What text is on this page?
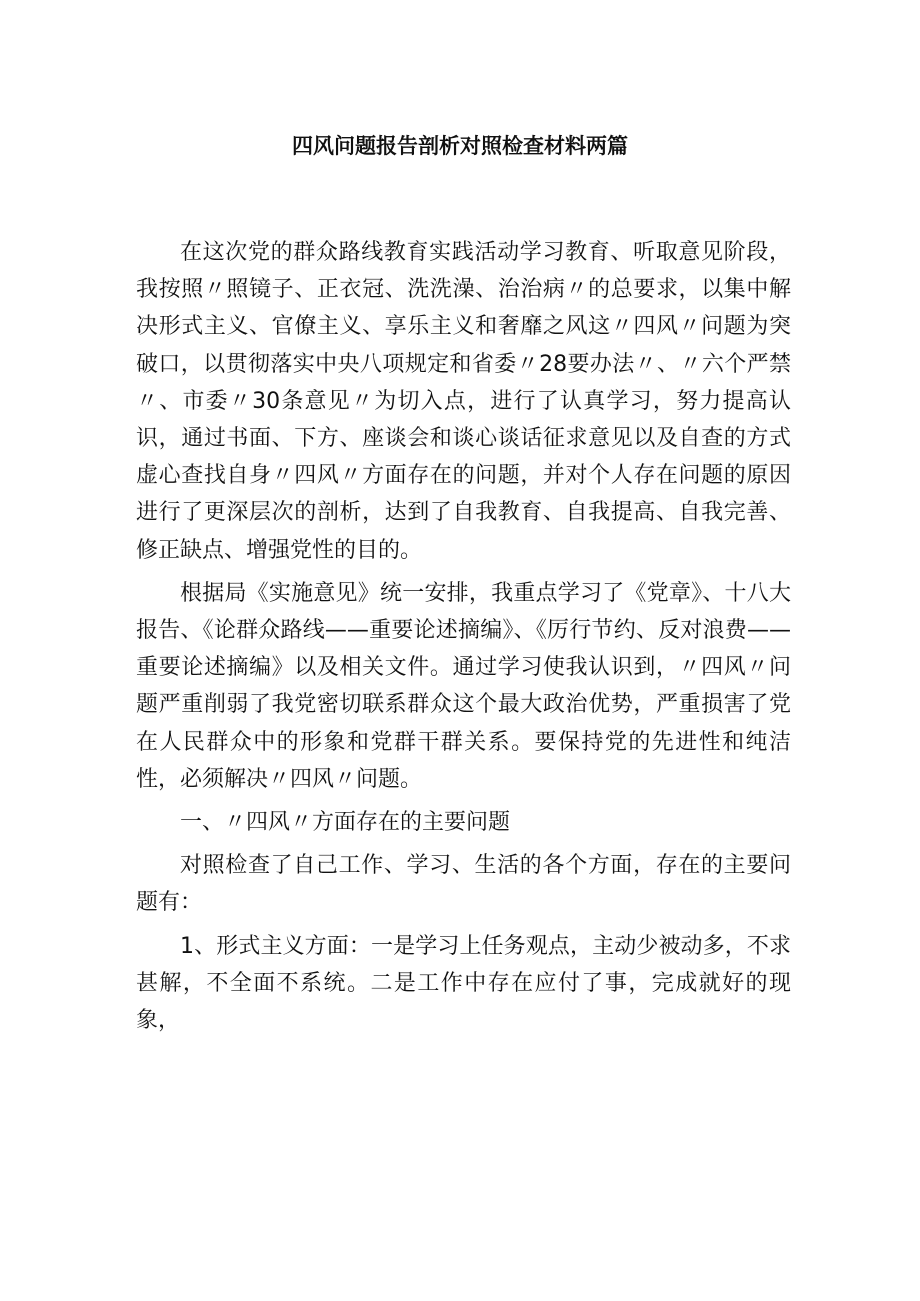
四风问题报告剖析对照检查材料两篇

在这次党的群众路线教育实践活动学习教育、听取意见阶段，我按照〃照镜子、正衣冠、洗洗澡、治治病〃的总要求，以集中解决形式主义、官僚主义、享乐主义和奢靡之风这〃四风〃问题为突破口，以贯彻落实中央八项规定和省委〃28要办法〃、〃六个严禁〃、市委〃30条意见〃为切入点，进行了认真学习，努力提高认识，通过书面、下方、座谈会和谈心谈话征求意见以及自查的方式虚心查找自身〃四风〃方面存在的问题，并对个人存在问题的原因进行了更深层次的剖析，达到了自我教育、自我提高、自我完善、修正缺点、增强党性的目的。

根据局《实施意见》统一安排，我重点学习了《党章》、十八大报告、《论群众路线——重要论述摘编》、《厉行节约、反对浪费——重要论述摘编》以及相关文件。通过学习使我认识到，〃四风〃问题严重削弱了我党密切联系群众这个最大政治优势，严重损害了党在人民群众中的形象和党群干群关系。要保持党的先进性和纯洁性，必须解决〃四风〃问题。

一、〃四风〃方面存在的主要问题

对照检查了自己工作、学习、生活的各个方面，存在的主要问题有：

1、形式主义方面：一是学习上任务观点，主动少被动多，不求甚解，不全面不系统。二是工作中存在应付了事，完成就好的现象，
